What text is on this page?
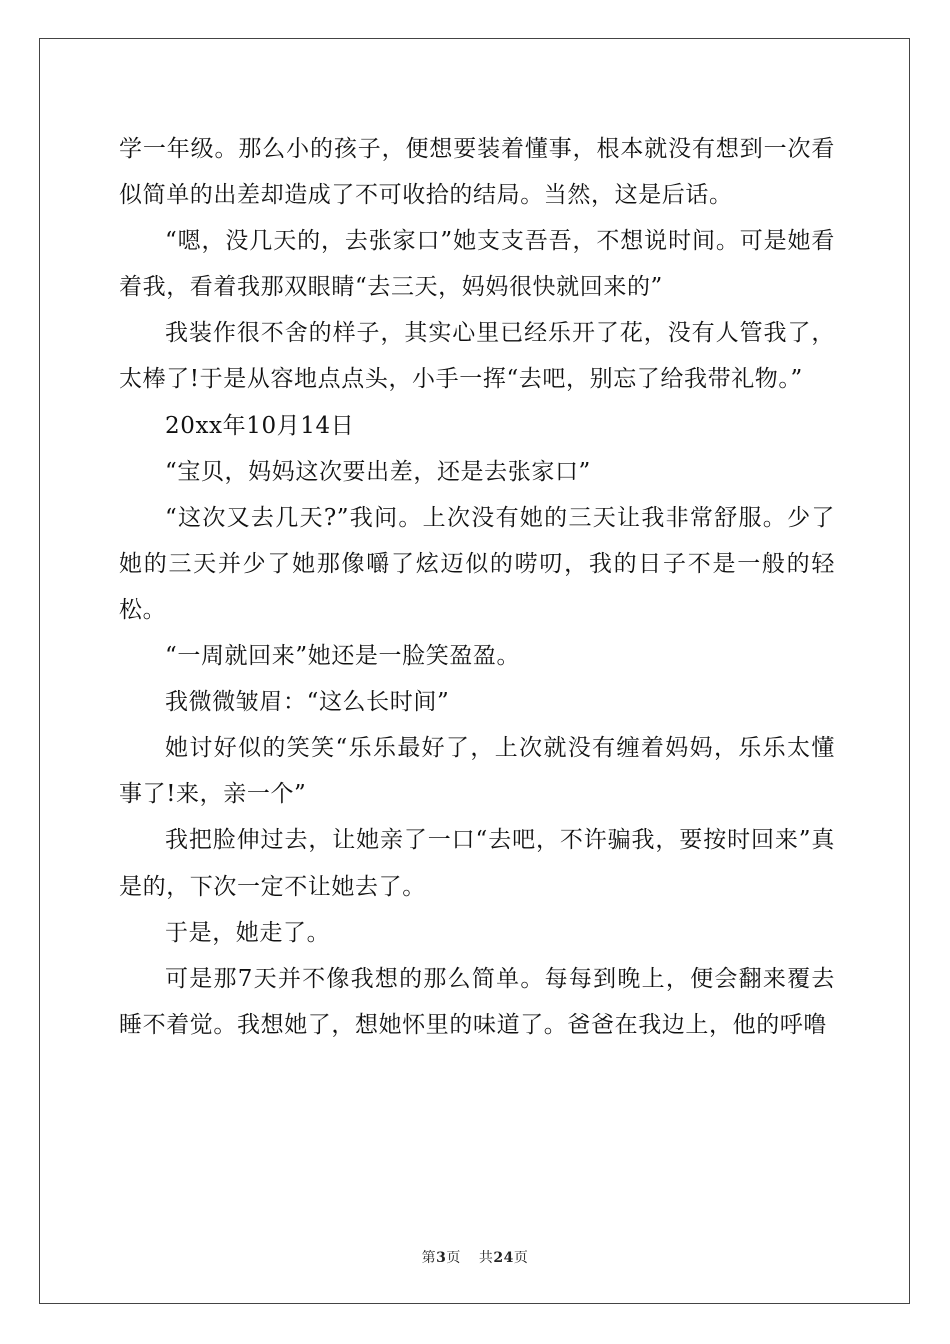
学一年级。那么小的孩子，便想要装着懂事，根本就没有想到一次看似简单的出差却造成了不可收拾的结局。当然，这是后话。

“嗯，没几天的，去张家口”她支支吾吾，不想说时间。可是她看着我，看着我那双眼睛“去三天，妈妈很快就回来的”

我装作很不舍的样子，其实心里已经乐开了花，没有人管我了，太棒了!于是从容地点点头，小手一挥“去吧，别忘了给我带礼物。”

20xx年10月14日

“宝贝，妈妈这次要出差，还是去张家口”

“这次又去几天?”我问。上次没有她的三天让我非常舒服。少了她的三天并少了她那像嚼了炫迈似的唠叨，我的日子不是一般的轻松。

“一周就回来”她还是一脸笑盈盈。

我微微皱眉：“这么长时间”

她讨好似的笑笑“乐乐最好了，上次就没有缠着妈妈，乐乐太懂事了!来，亲一个”

我把脸伸过去，让她亲了一口“去吧，不许骗我，要按时回来”真是的，下次一定不让她去了。

于是，她走了。

可是那7天并不像我想的那么简单。每每到晚上，便会翻来覆去睡不着觉。我想她了，想她怀里的味道了。爸爸在我边上，他的呼噜

第3页 共24页
